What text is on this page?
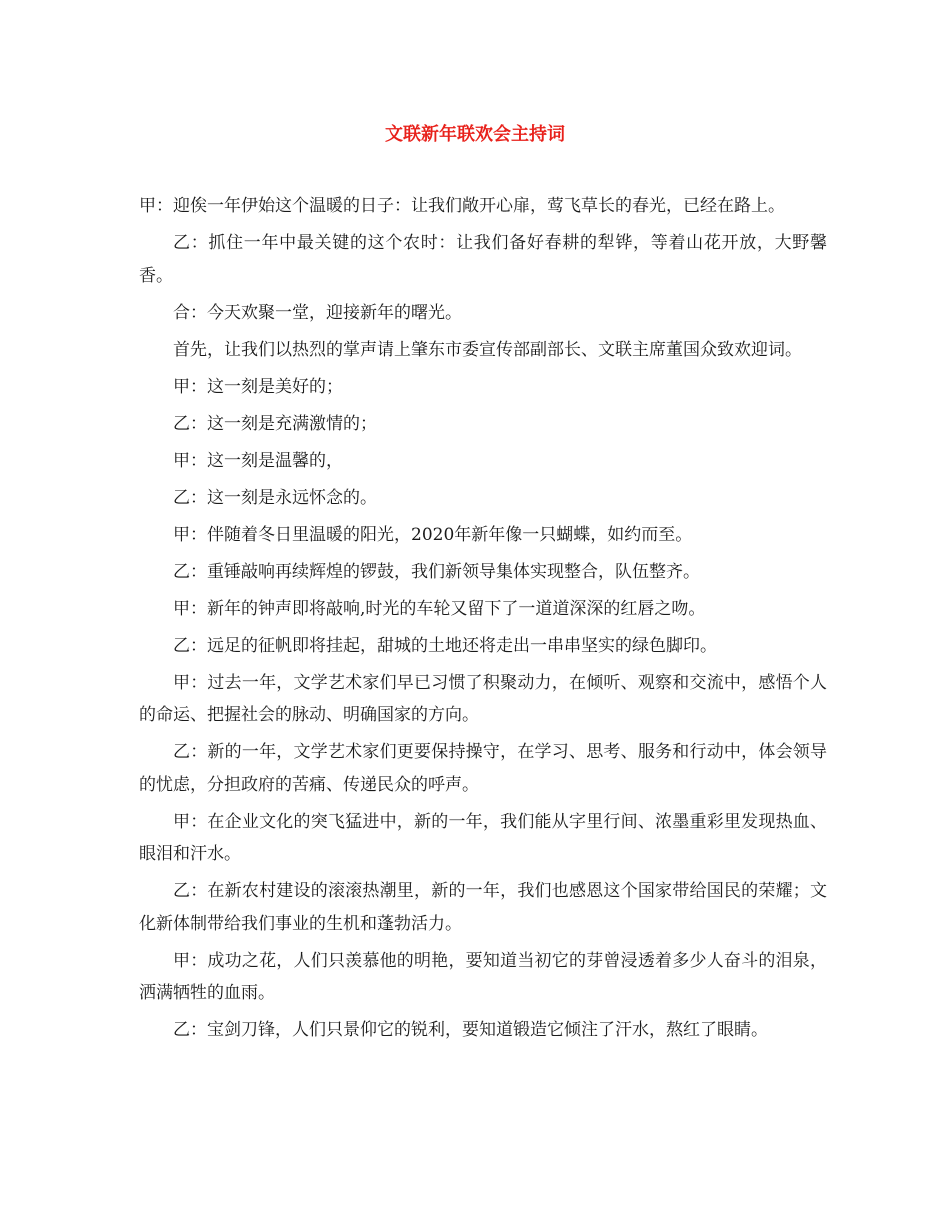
文联新年联欢会主持词

甲：迎俟一年伊始这个温暖的日子：让我们敞开心扉，莺飞草长的春光，已经在路上。

乙：抓住一年中最关键的这个农时：让我们备好春耕的犁铧，等着山花开放，大野馨香。

合：今天欢聚一堂，迎接新年的曙光。

首先，让我们以热烈的掌声请上肇东市委宣传部副部长、文联主席董国众致欢迎词。

甲：这一刻是美好的；

乙：这一刻是充满激情的；

甲：这一刻是温馨的，

乙：这一刻是永远怀念的。

甲：伴随着冬日里温暖的阳光，2020年新年像一只蝴蝶，如约而至。

乙：重锤敲响再续辉煌的锣鼓，我们新领导集体实现整合，队伍整齐。

甲：新年的钟声即将敲响,时光的车轮又留下了一道道深深的红唇之吻。

乙：远足的征帆即将挂起，甜城的土地还将走出一串串坚实的绿色脚印。

甲：过去一年，文学艺术家们早已习惯了积聚动力，在倾听、观察和交流中，感悟个人的命运、把握社会的脉动、明确国家的方向。

乙：新的一年，文学艺术家们更要保持操守，在学习、思考、服务和行动中，体会领导的忧虑，分担政府的苦痛、传递民众的呼声。

甲：在企业文化的突飞猛进中，新的一年，我们能从字里行间、浓墨重彩里发现热血、眼泪和汗水。

乙：在新农村建设的滚滚热潮里，新的一年，我们也感恩这个国家带给国民的荣耀；文化新体制带给我们事业的生机和蓬勃活力。

甲：成功之花，人们只羡慕他的明艳，要知道当初它的芽曾浸透着多少人奋斗的泪泉，洒满牺牲的血雨。

乙：宝剑刀锋，人们只景仰它的锐利，要知道锻造它倾注了汗水，熬红了眼睛。
